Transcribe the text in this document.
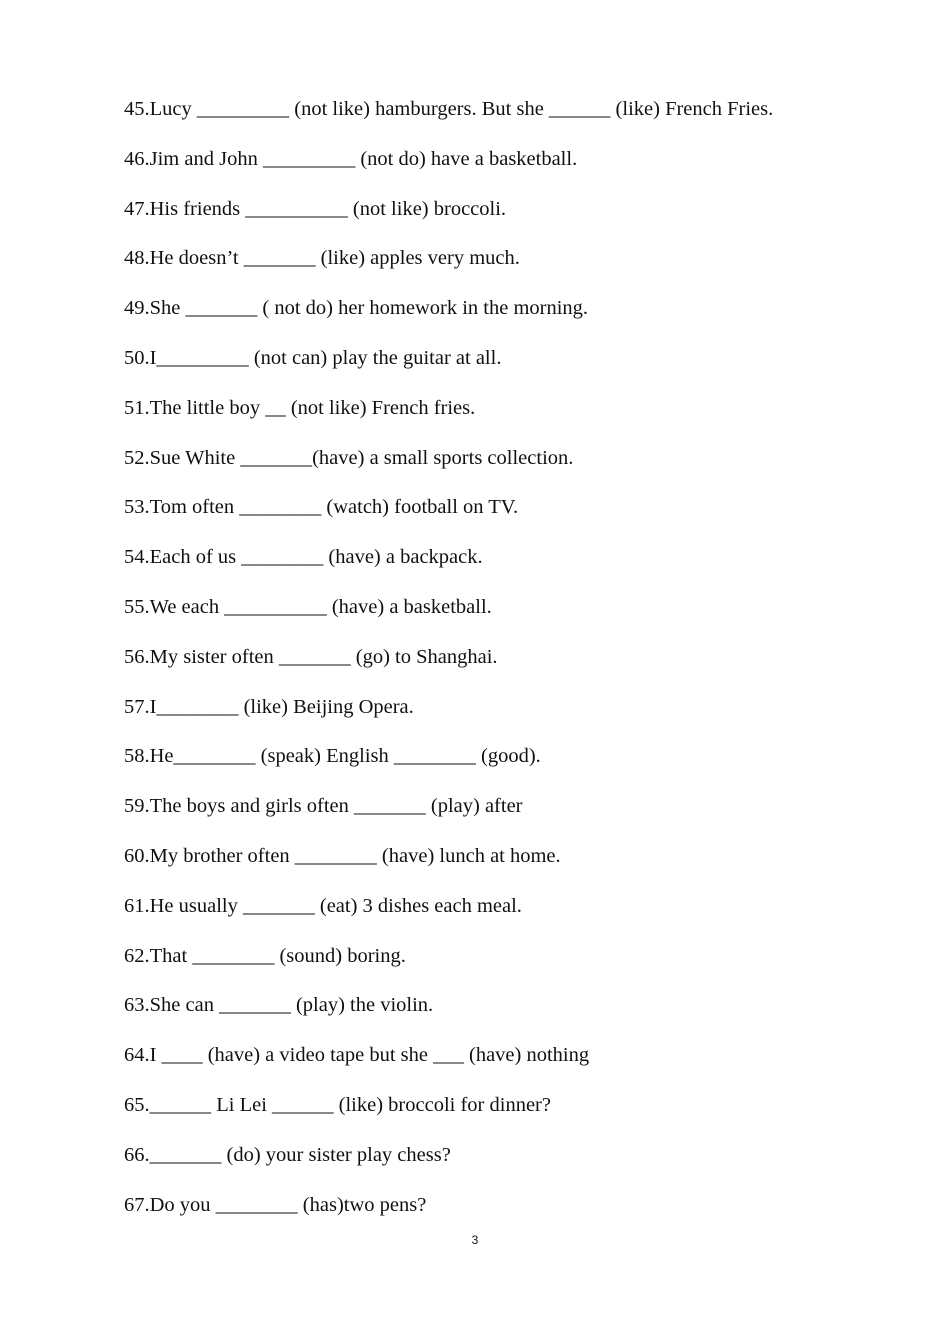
45.Lucy _________ (not like) hamburgers. But she ______ (like) French Fries.
46.Jim and John _________ (not do) have a basketball.
47.His friends __________ (not like) broccoli.
48.He doesn’t _______ (like) apples very much.
49.She _______ ( not do) her homework in the morning.
50.I_________ (not can) play the guitar at all.
51.The little boy __ (not like) French fries.
52.Sue White _______(have) a small sports collection.
53.Tom often ________ (watch) football on TV.
54.Each of us ________ (have) a backpack.
55.We each __________ (have) a basketball.
56.My sister often _______ (go) to Shanghai.
57.I________ (like) Beijing Opera.
58.He________ (speak) English ________ (good).
59.The boys and girls often _______ (play) after
60.My brother often ________ (have) lunch at home.
61.He usually _______ (eat) 3 dishes each meal.
62.That ________ (sound) boring.
63.She can _______ (play) the violin.
64.I ____ (have) a video tape but she ___ (have) nothing
65.______ Li Lei ______ (like) broccoli for dinner?
66._______ (do) your sister play chess?
67.Do you ________ (has)two pens?
3
